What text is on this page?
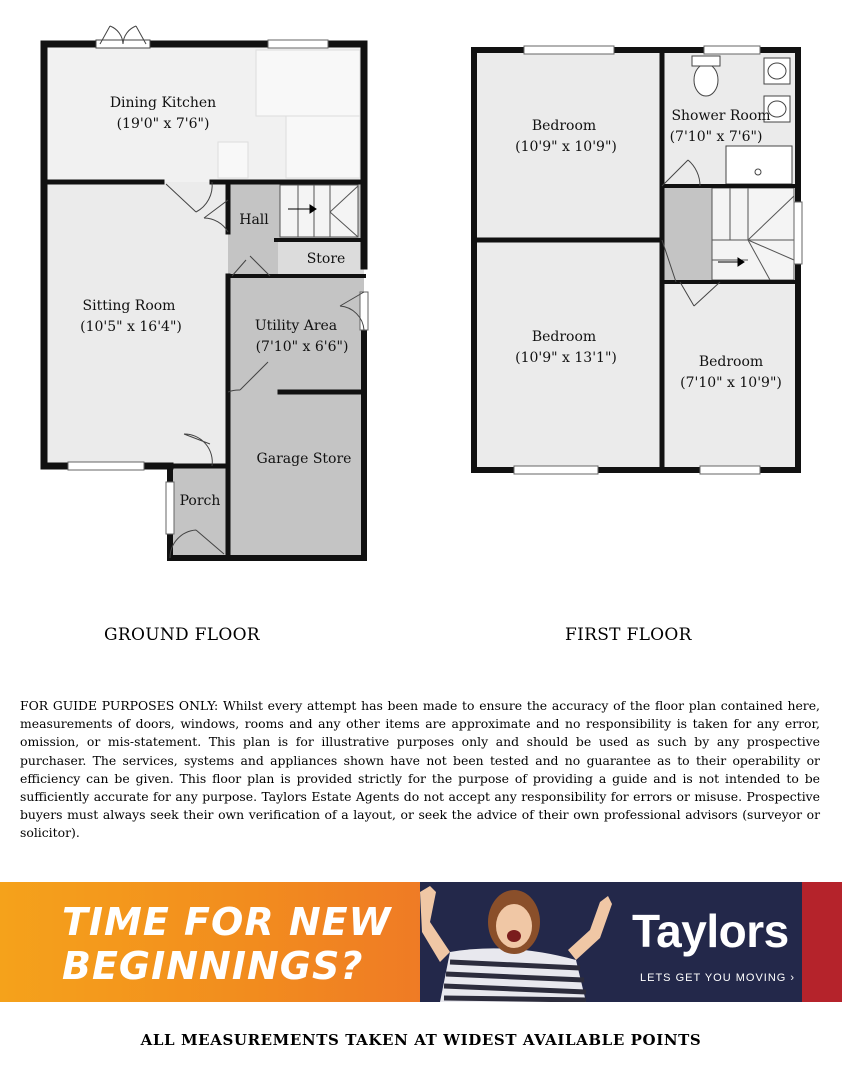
Dining Kitchen
(19'0" x 7'6")
Sitting Room
(10'5" x 16'4")
Hall
Store
Utility Area
(7'10" x 6'6")
Garage Store
Porch
Bedroom
(10'9" x 10'9")
Shower Room
(7'10" x 7'6")
Bedroom
(10'9" x 13'1")	Bedroom
(7'10" x 10'9")
GROUND FLOOR	FIRST FLOOR
FOR GUIDE PURPOSES ONLY: Whilst every attempt has been made to ensure the accuracy of the floor plan contained here, measurements of doors, windows, rooms and any other items are approximate and no responsibility is taken for any error, omission, or mis-statement. This plan is for illustrative purposes only and should be used as such by any prospective purchaser. The services, systems and appliances shown have not been tested and no guarantee as to their operability or efficiency can be given. This floor plan is provided strictly for the purpose of providing a guide and is not intended to be sufficiently accurate for any purpose. Taylors Estate Agents do not accept any responsibility for errors or misuse. Prospective buyers must always seek their own verification of a layout, or seek the advice of their own professional advisors (surveyor or solicitor).
TIME FOR NEW BEGINNINGS?
Taylors
LETS GET YOU MOVING ›
ALL MEASUREMENTS TAKEN AT WIDEST AVAILABLE POINTS
